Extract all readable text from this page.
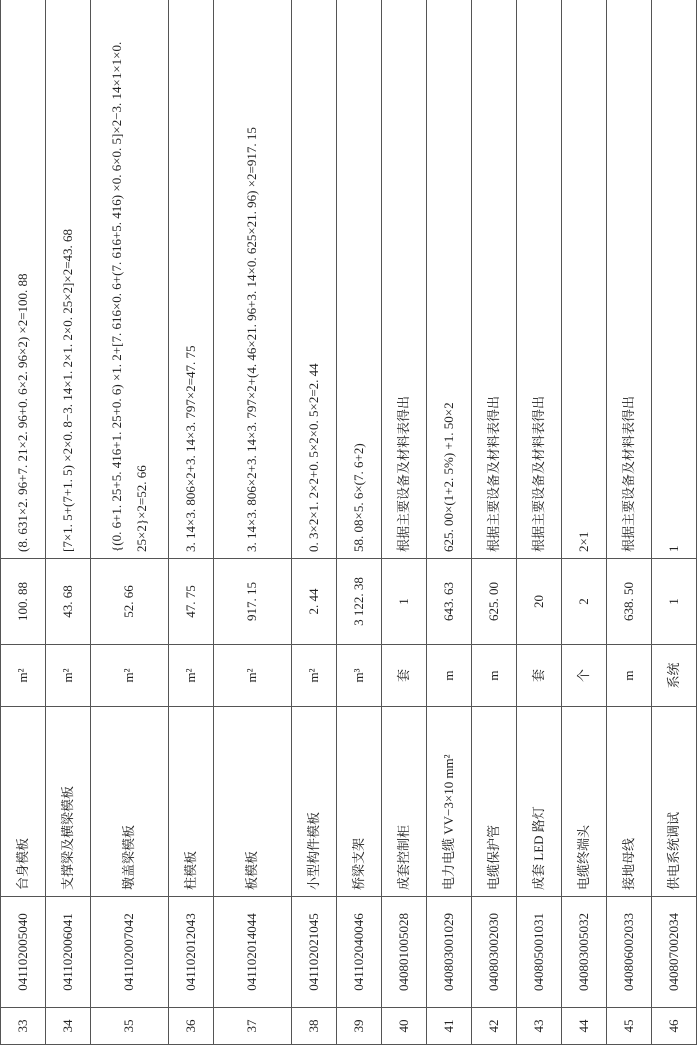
33	041102005040	台身模板	m²	100. 88	(8. 631×2. 96+7. 21×2. 96+0. 6×2. 96×2) ×2=100. 88
34	041102006041	支撑梁及横梁模板	m²	43. 68	[7×1. 5+(7+1. 5) ×2×0. 8−3. 14×1. 2×1. 2×0. 25×2]×2=43. 68
35	041102007042	墩盖梁模板	m²	52. 66	{(0. 6+1. 25+5. 416+1. 25+0. 6) ×1. 2+[7. 616×0. 6+(7. 616+5. 416) ×0. 6×0. 5]×2−3. 14×1×1×0. 25×2}×2=52. 66
36	041102012043	柱模板	m²	47. 75	3. 14×3. 806×2+3. 14×3. 797×2=47. 75
37	041102014044	板模板	m²	917. 15	3. 14×3. 806×2+3. 14×3. 797×2+(4. 46×21. 96+3. 14×0. 625×21. 96) ×2=917. 15
38	041102021045	小型构件模板	m²	2. 44	0. 3×2×1. 2×2+0. 5×2×0. 5×2=2. 44
39	041102040046	桥梁支架	m³	3 122. 38	58. 08×5. 6×(7. 6+2)
40	040801005028	成套控制柜	套	1	根据主要设备及材料表得出
41	040803001029	电力电缆 VV−3×10 mm²	m	643. 63	625. 00×(1+2. 5%) +1. 50×2
42	040803002030	电缆保护管	m	625. 00	根据主要设备及材料表得出
43	040805001031	成套 LED 路灯	套	20	根据主要设备及材料表得出
44	040803005032	电缆终端头	个	2	2×1
45	040806002033	接地母线	m	638. 50	根据主要设备及材料表得出
46	040807002034	供电系统调试	系统	1	1
